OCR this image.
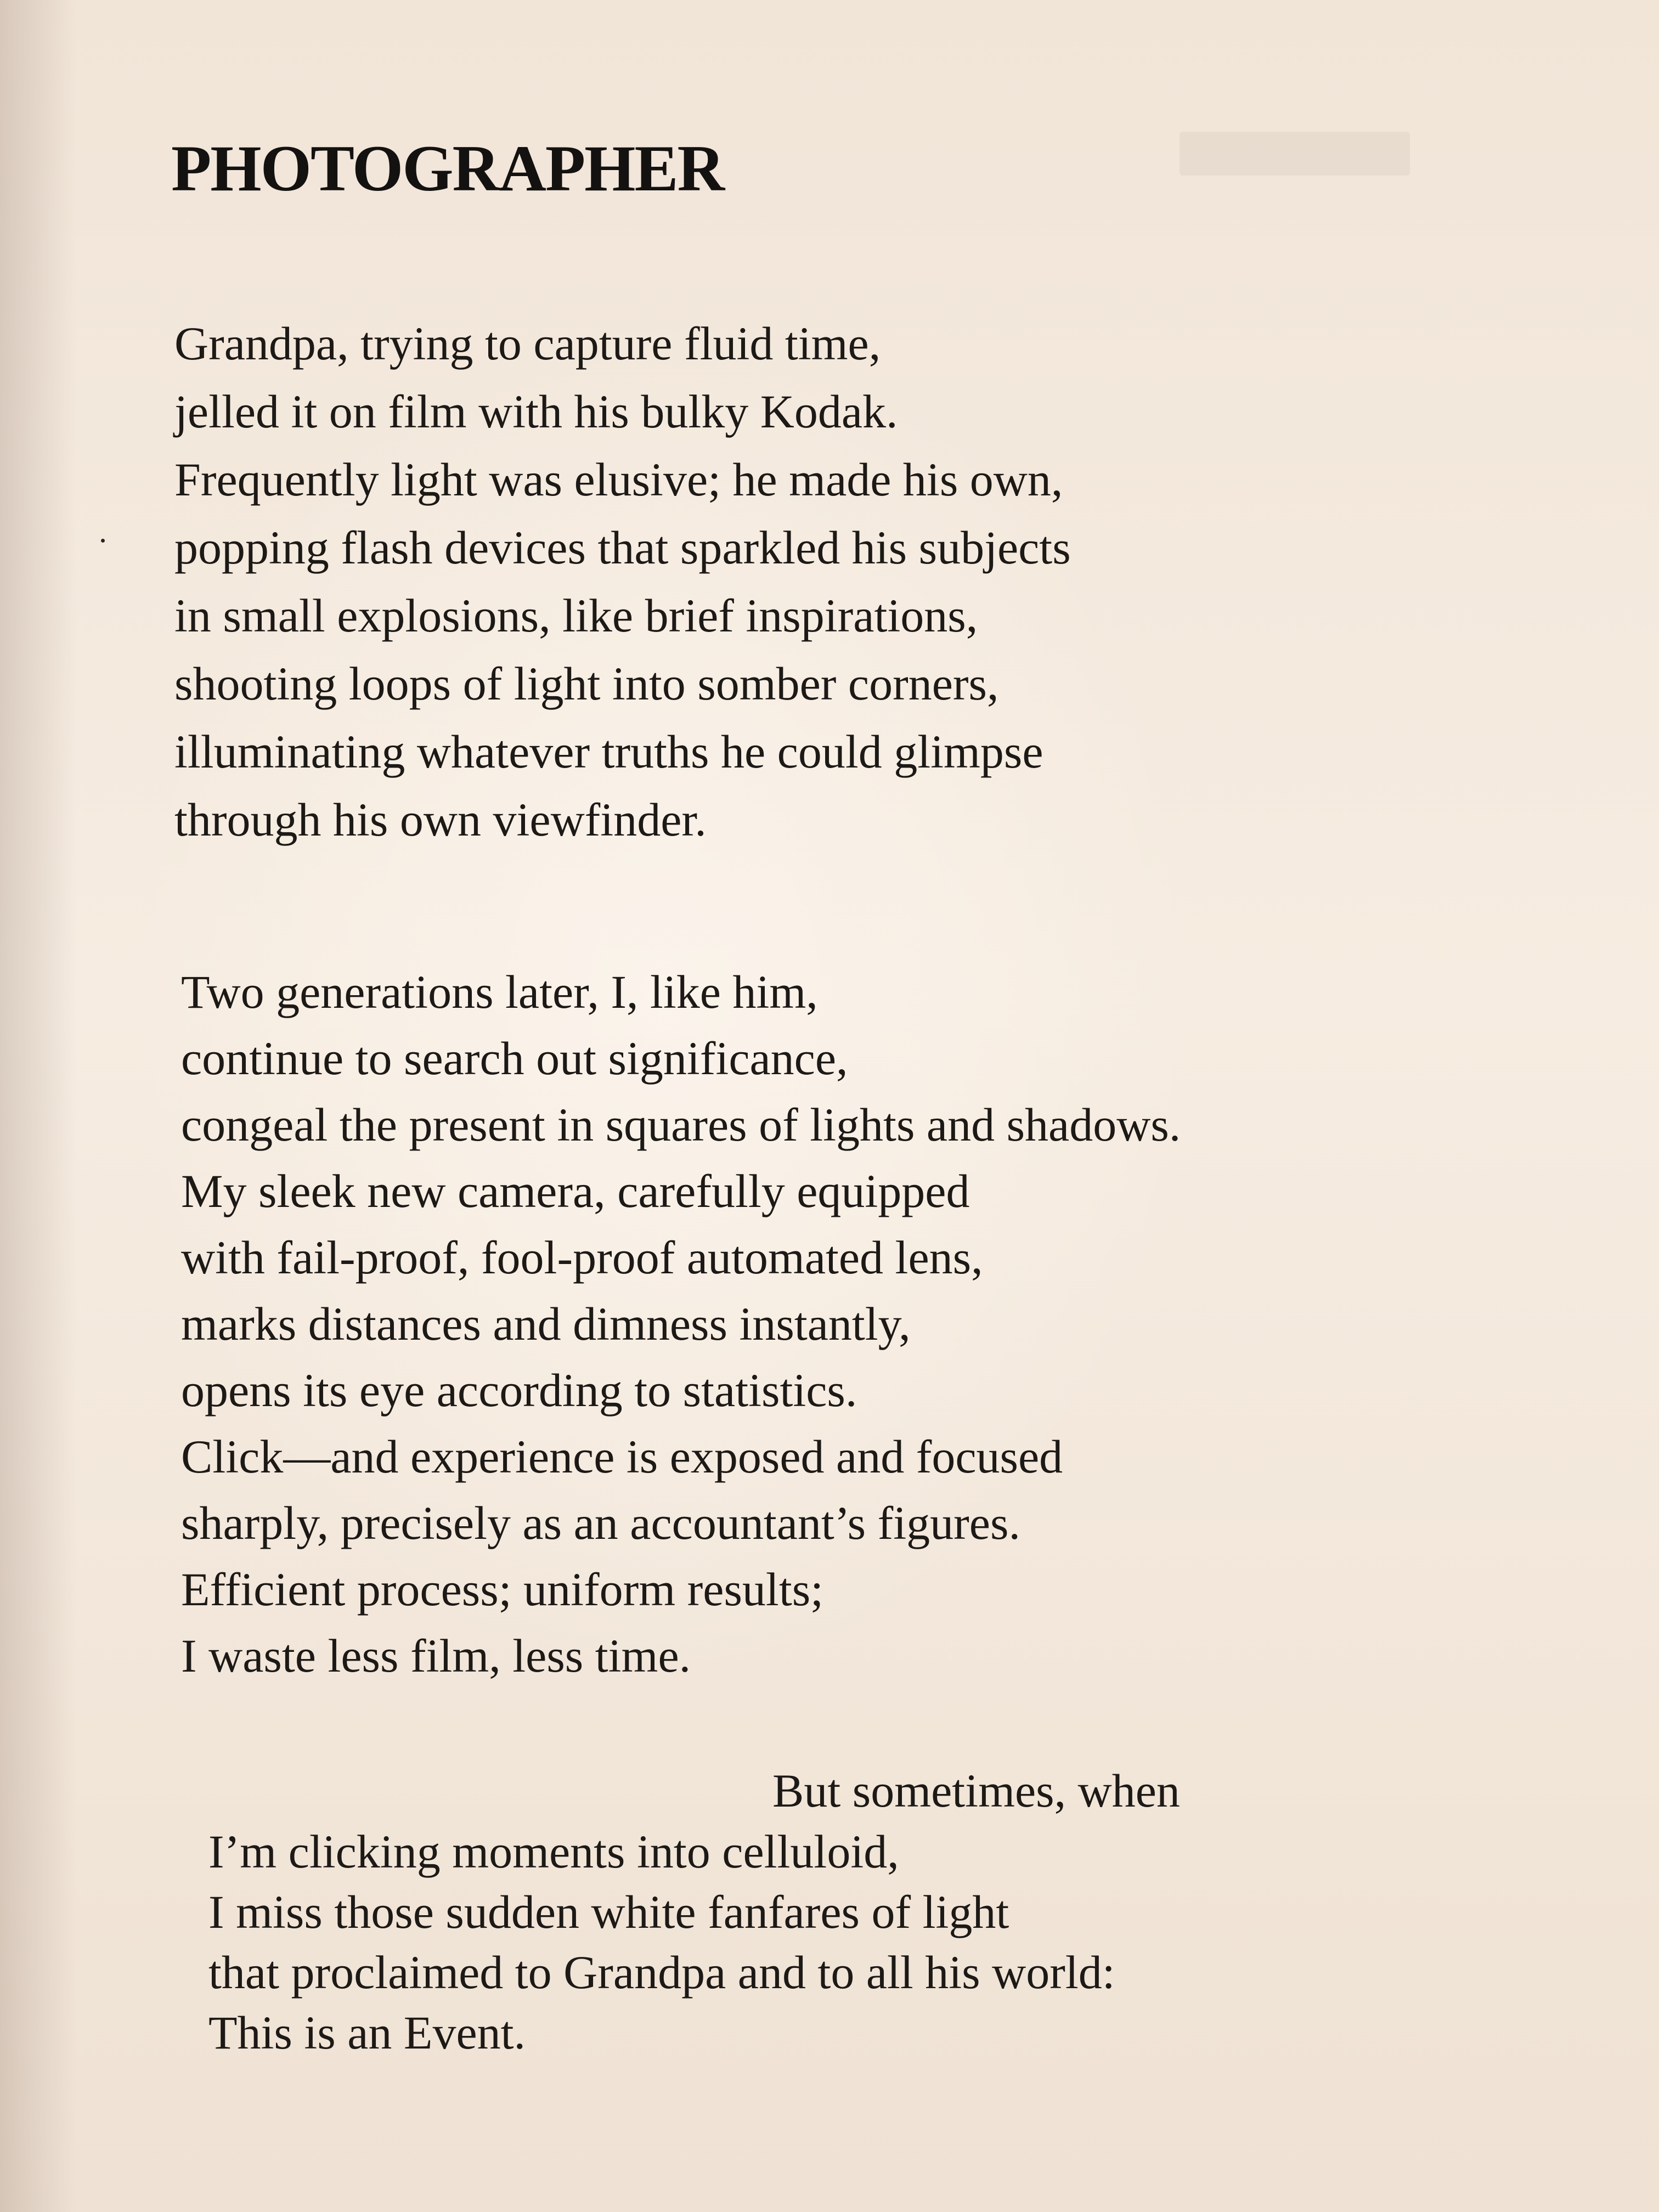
PHOTOGRAPHER
Grandpa, trying to capture fluid time,
jelled it on film with his bulky Kodak.
Frequently light was elusive; he made his own,
popping flash devices that sparkled his subjects
in small explosions, like brief inspirations,
shooting loops of light into somber corners,
illuminating whatever truths he could glimpse
through his own viewfinder.
Two generations later, I, like him,
continue to search out significance,
congeal the present in squares of lights and shadows.
My sleek new camera, carefully equipped
with fail-proof, fool-proof automated lens,
marks distances and dimness instantly,
opens its eye according to statistics.
Click—and experience is exposed and focused
sharply, precisely as an accountant’s figures.
Efficient process; uniform results;
I waste less film, less time.
But sometimes, when
I’m clicking moments into celluloid,
I miss those sudden white fanfares of light
that proclaimed to Grandpa and to all his world:
This is an Event.
